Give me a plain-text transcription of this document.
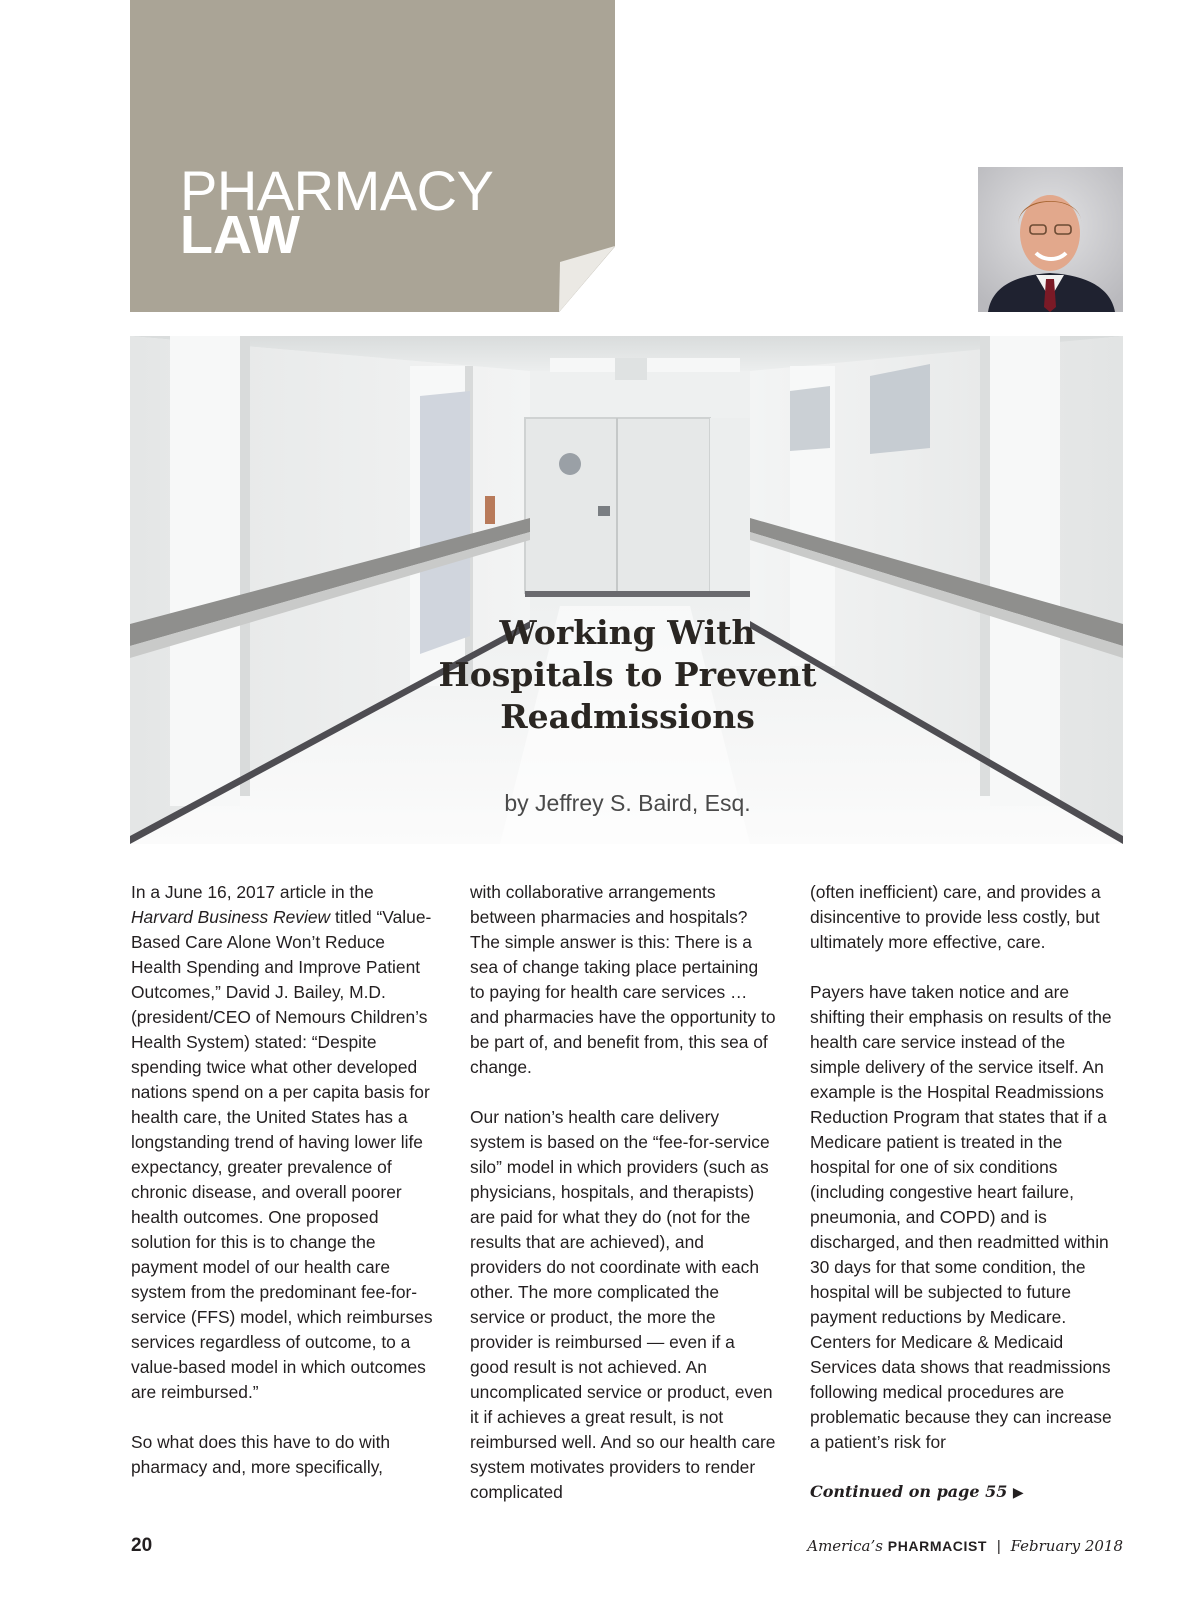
PHARMACY
LAW
Working With
Hospitals to Prevent
Readmissions
by Jeffrey S. Baird, Esq.

In a June 16, 2017 article in the Harvard Business Review titled “Value-Based Care Alone Won’t Reduce Health Spending and Improve Patient Outcomes,” David J. Bailey, M.D. (president/CEO of Nemours Children’s Health System) stated: “Despite spending twice what other developed nations spend on a per capita basis for health care, the United States has a longstanding trend of having lower life expectancy, greater prevalence of chronic disease, and overall poorer health outcomes. One proposed solution for this is to change the payment model of our health care system from the predominant fee-for-service (FFS) model, which reimburses services regardless of outcome, to a value-based model in which outcomes are reimbursed.”

So what does this have to do with pharmacy and, more specifically,

with collaborative arrangements between pharmacies and hospitals? The simple answer is this: There is a sea of change taking place pertaining to paying for health care services … and pharmacies have the opportunity to be part of, and benefit from, this sea of change.

Our nation’s health care delivery system is based on the “fee-for-service silo” model in which providers (such as physicians, hospitals, and therapists) are paid for what they do (not for the results that are achieved), and providers do not coordinate with each other. The more complicated the service or product, the more the provider is reimbursed — even if a good result is not achieved. An uncomplicated service or product, even it if achieves a great result, is not reimbursed well. And so our health care system motivates providers to render complicated

(often inefficient) care, and provides a disincentive to provide less costly, but ultimately more effective, care.

Payers have taken notice and are shifting their emphasis on results of the health care service instead of the simple delivery of the service itself. An example is the Hospital Readmissions Reduction Program that states that if a Medicare patient is treated in the hospital for one of six conditions (including congestive heart failure, pneumonia, and COPD) and is discharged, and then readmitted within 30 days for that some condition, the hospital will be subjected to future payment reductions by Medicare. Centers for Medicare & Medicaid Services data shows that readmissions following medical procedures are problematic because they can increase a patient’s risk for

Continued on page 55 ▶
20	America’s PHARMACIST | February 2018
